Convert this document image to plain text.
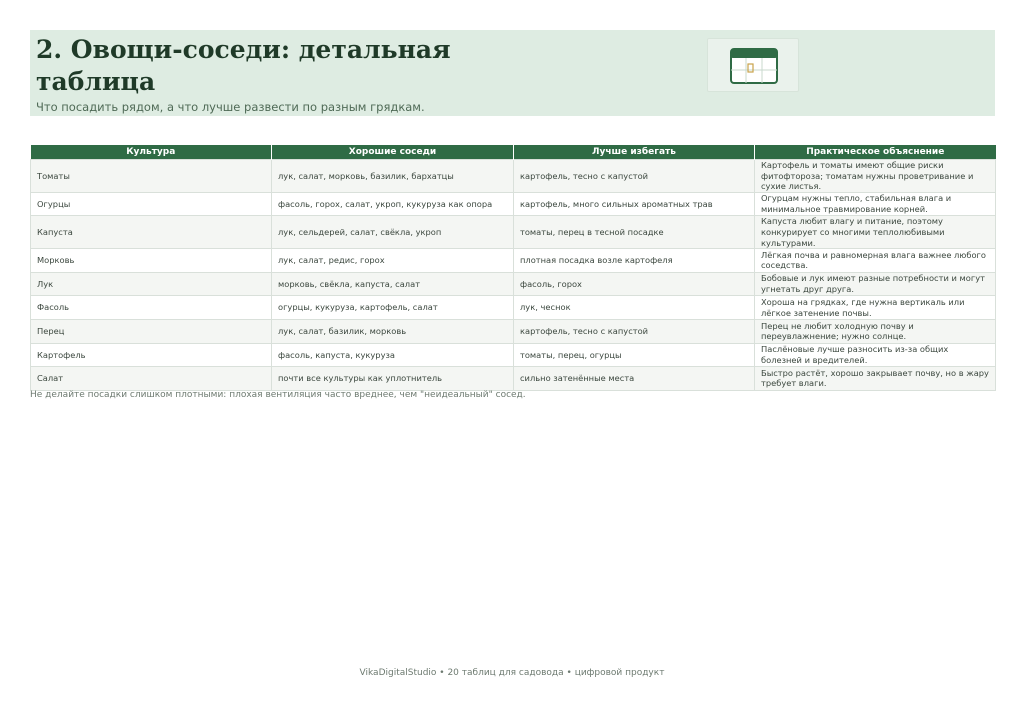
2. Овощи-соседи: детальная таблица
Что посадить рядом, а что лучше развести по разным грядкам.
Культура	Хорошие соседи	Лучше избегать	Практическое объяснение
Томаты	лук, салат, морковь, базилик, бархатцы	картофель, тесно с капустой	Картофель и томаты имеют общие риски фитофтороза; томатам нужны проветривание и сухие листья.
Огурцы	фасоль, горох, салат, укроп, кукуруза как опора	картофель, много сильных ароматных трав	Огурцам нужны тепло, стабильная влага и минимальное травмирование корней.
Капуста	лук, сельдерей, салат, свёкла, укроп	томаты, перец в тесной посадке	Капуста любит влагу и питание, поэтому конкурирует со многими теплолюбивыми культурами.
Морковь	лук, салат, редис, горох	плотная посадка возле картофеля	Лёгкая почва и равномерная влага важнее любого соседства.
Лук	морковь, свёкла, капуста, салат	фасоль, горох	Бобовые и лук имеют разные потребности и могут угнетать друг друга.
Фасоль	огурцы, кукуруза, картофель, салат	лук, чеснок	Хороша на грядках, где нужна вертикаль или лёгкое затенение почвы.
Перец	лук, салат, базилик, морковь	картофель, тесно с капустой	Перец не любит холодную почву и переувлажнение; нужно солнце.
Картофель	фасоль, капуста, кукуруза	томаты, перец, огурцы	Паслёновые лучше разносить из-за общих болезней и вредителей.
Салат	почти все культуры как уплотнитель	сильно затенённые места	Быстро растёт, хорошо закрывает почву, но в жару требует влаги.
Не делайте посадки слишком плотными: плохая вентиляция часто вреднее, чем "неидеальный" сосед.
VikaDigitalStudio • 20 таблиц для садовода • цифровой продукт
